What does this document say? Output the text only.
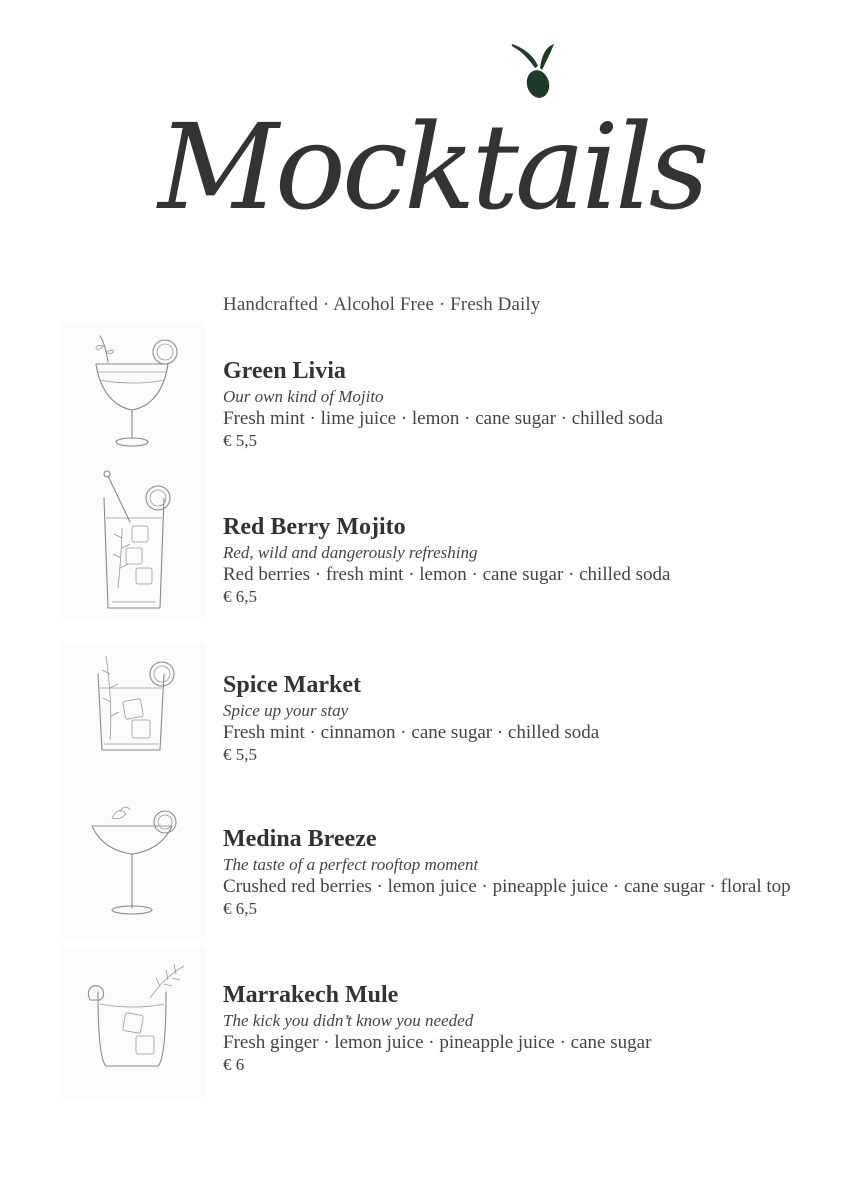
Mocktails
Handcrafted · Alcohol Free · Fresh Daily
Green Livia
Our own kind of Mojito
Fresh mint · lime juice · lemon · cane sugar · chilled soda
€ 5,5
Red Berry Mojito
Red, wild and dangerously refreshing
Red berries · fresh mint · lemon · cane sugar · chilled soda
€ 6,5
Spice Market
Spice up your stay
Fresh mint · cinnamon · cane sugar · chilled soda
€ 5,5
Medina Breeze
The taste of a perfect rooftop moment
Crushed red berries · lemon juice · pineapple juice · cane sugar · floral top
€ 6,5
Marrakech Mule
The kick you didn’t know you needed
Fresh ginger · lemon juice · pineapple juice · cane sugar
€ 6
